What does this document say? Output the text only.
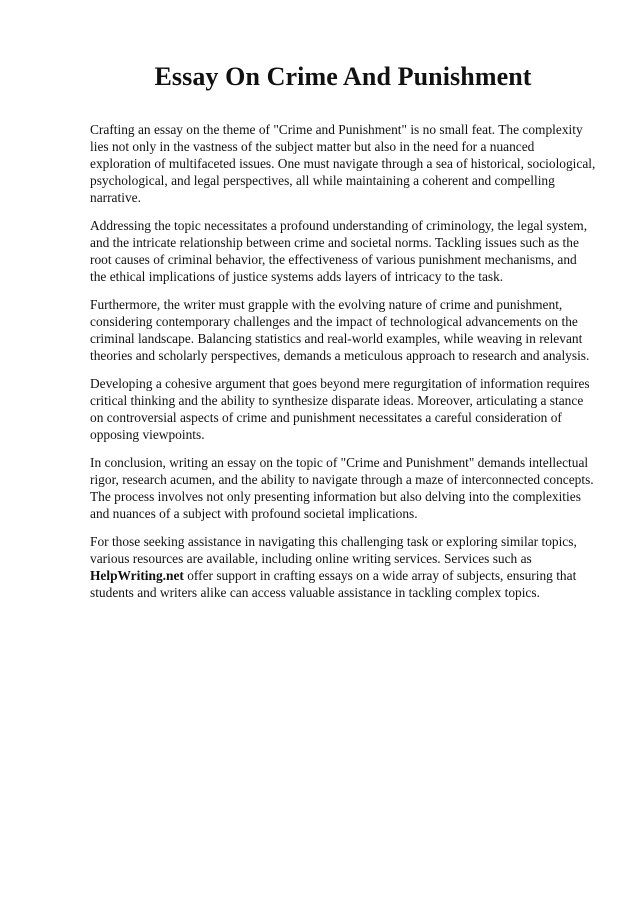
Essay On Crime And Punishment

Crafting an essay on the theme of "Crime and Punishment" is no small feat. The complexity lies not only in the vastness of the subject matter but also in the need for a nuanced exploration of multifaceted issues. One must navigate through a sea of historical, sociological, psychological, and legal perspectives, all while maintaining a coherent and compelling narrative.

Addressing the topic necessitates a profound understanding of criminology, the legal system, and the intricate relationship between crime and societal norms. Tackling issues such as the root causes of criminal behavior, the effectiveness of various punishment mechanisms, and the ethical implications of justice systems adds layers of intricacy to the task.

Furthermore, the writer must grapple with the evolving nature of crime and punishment, considering contemporary challenges and the impact of technological advancements on the criminal landscape. Balancing statistics and real-world examples, while weaving in relevant theories and scholarly perspectives, demands a meticulous approach to research and analysis.

Developing a cohesive argument that goes beyond mere regurgitation of information requires critical thinking and the ability to synthesize disparate ideas. Moreover, articulating a stance on controversial aspects of crime and punishment necessitates a careful consideration of opposing viewpoints.

In conclusion, writing an essay on the topic of "Crime and Punishment" demands intellectual rigor, research acumen, and the ability to navigate through a maze of interconnected concepts. The process involves not only presenting information but also delving into the complexities and nuances of a subject with profound societal implications.

For those seeking assistance in navigating this challenging task or exploring similar topics, various resources are available, including online writing services. Services such as
HelpWriting.net offer support in crafting essays on a wide array of subjects, ensuring that students and writers alike can access valuable assistance in tackling complex topics.
